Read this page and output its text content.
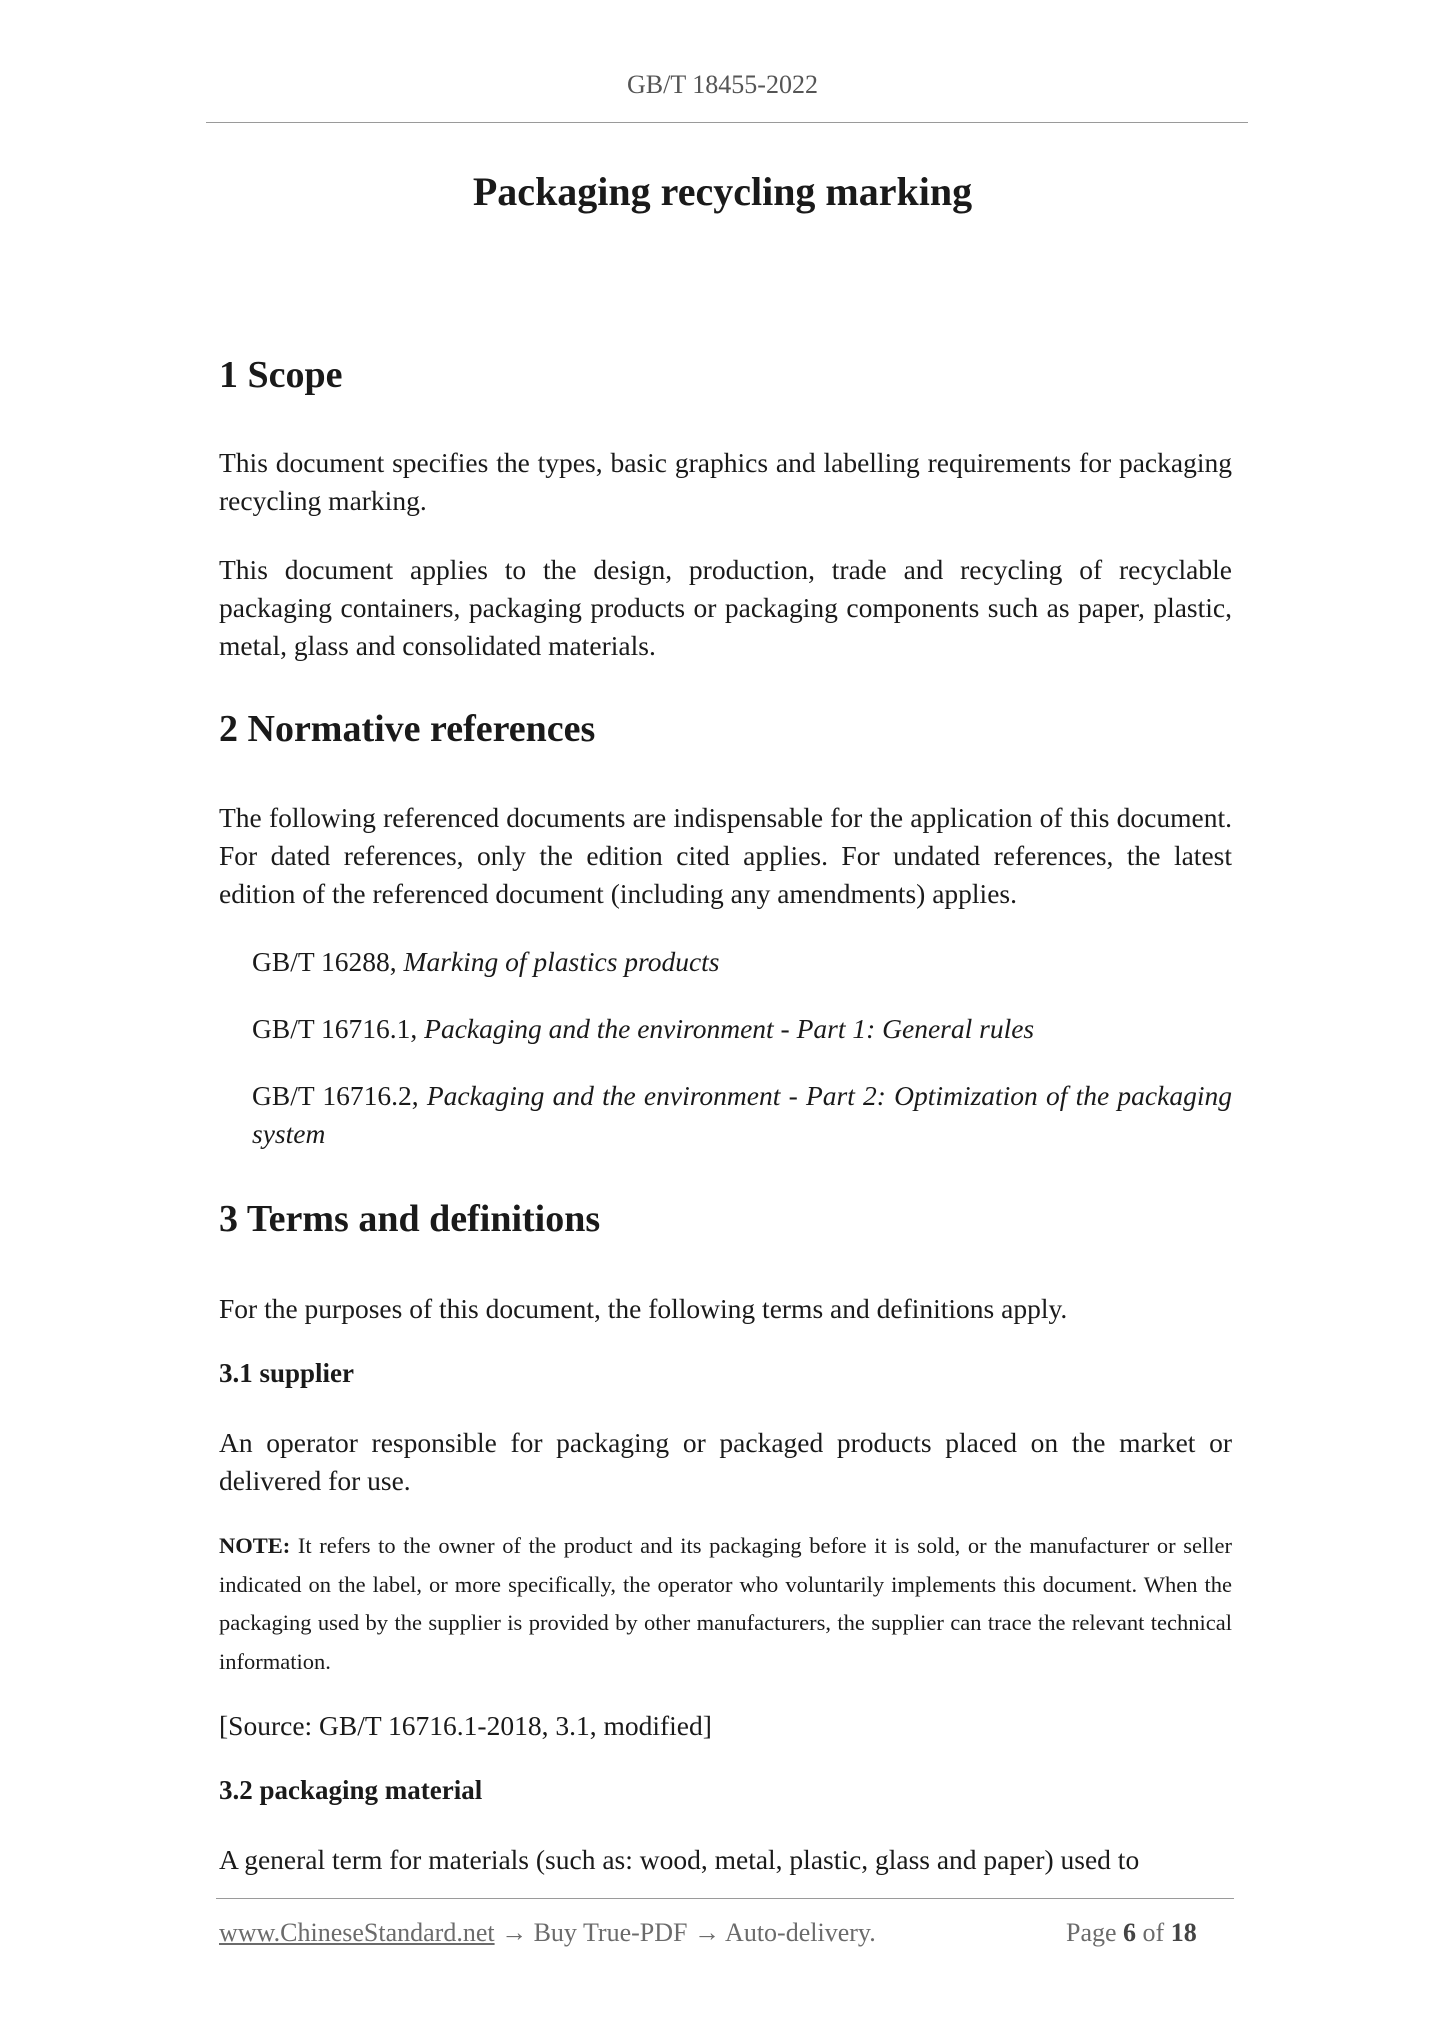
GB/T 18455-2022
Packaging recycling marking
1 Scope

This document specifies the types, basic graphics and labelling requirements for packaging recycling marking.

This document applies to the design, production, trade and recycling of recyclable packaging containers, packaging products or packaging components such as paper, plastic, metal, glass and consolidated materials.

2 Normative references

The following referenced documents are indispensable for the application of this document. For dated references, only the edition cited applies. For undated references, the latest edition of the referenced document (including any amendments) applies.

GB/T 16288, Marking of plastics products

GB/T 16716.1, Packaging and the environment - Part 1: General rules

GB/T 16716.2, Packaging and the environment - Part 2: Optimization of the packaging system

3 Terms and definitions

For the purposes of this document, the following terms and definitions apply.

3.1 supplier

An operator responsible for packaging or packaged products placed on the market or delivered for use.

NOTE: It refers to the owner of the product and its packaging before it is sold, or the manufacturer or seller indicated on the label, or more specifically, the operator who voluntarily implements this document. When the packaging used by the supplier is provided by other manufacturers, the supplier can trace the relevant technical information.

[Source: GB/T 16716.1-2018, 3.1, modified]

3.2 packaging material

A general term for materials (such as: wood, metal, plastic, glass and paper) used to

www.ChineseStandard.net → Buy True-PDF → Auto-delivery.	Page 6 of 18
